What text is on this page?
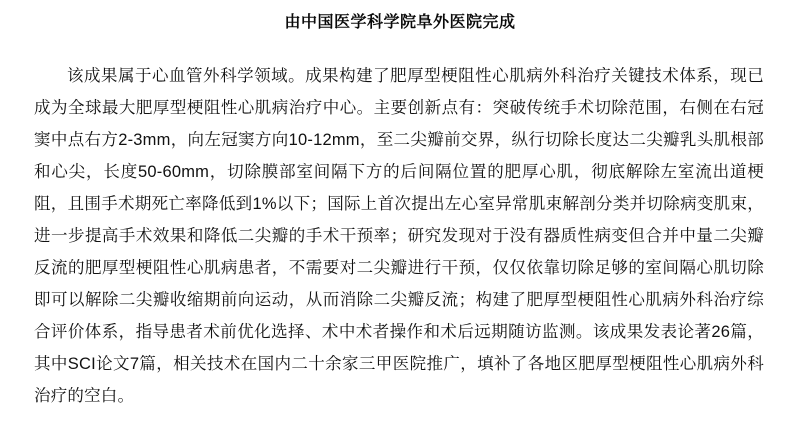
由中国医学科学院阜外医院完成

该成果属于心血管外科学领域。成果构建了肥厚型梗阻性心肌病外科治疗关键技术体系，现已成为全球最大肥厚型梗阻性心肌病治疗中心。主要创新点有：突破传统手术切除范围，右侧在右冠窦中点右方2-3mm，向左冠窦方向10-12mm，至二尖瓣前交界，纵行切除长度达二尖瓣乳头肌根部和心尖，长度50-60mm，切除膜部室间隔下方的后间隔位置的肥厚心肌，彻底解除左室流出道梗阻，且围手术期死亡率降低到1%以下；国际上首次提出左心室异常肌束解剖分类并切除病变肌束，进一步提高手术效果和降低二尖瓣的手术干预率；研究发现对于没有器质性病变但合并中量二尖瓣反流的肥厚型梗阻性心肌病患者，不需要对二尖瓣进行干预，仅仅依靠切除足够的室间隔心肌切除即可以解除二尖瓣收缩期前向运动，从而消除二尖瓣反流；构建了肥厚型梗阻性心肌病外科治疗综合评价体系，指导患者术前优化选择、术中术者操作和术后远期随访监测。该成果发表论著26篇，其中SCI论文7篇，相关技术在国内二十余家三甲医院推广，填补了各地区肥厚型梗阻性心肌病外科治疗的空白。
